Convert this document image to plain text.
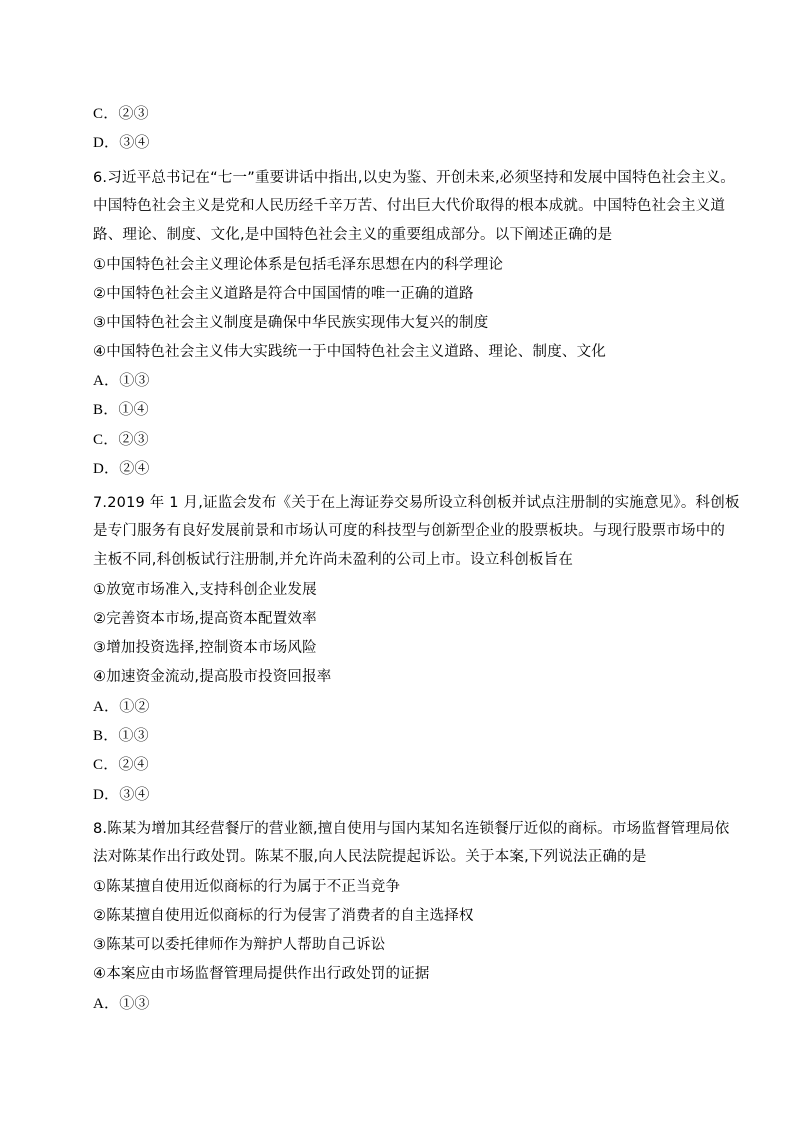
C．②③
D．③④
6.习近平总书记在“七一”重要讲话中指出,以史为鉴、开创未来,必须坚持和发展中国特色社会主义。
中国特色社会主义是党和人民历经千辛万苦、付出巨大代价取得的根本成就。中国特色社会主义道
路、理论、制度、文化,是中国特色社会主义的重要组成部分。以下阐述正确的是
①中国特色社会主义理论体系是包括毛泽东思想在内的科学理论
②中国特色社会主义道路是符合中国国情的唯一正确的道路
③中国特色社会主义制度是确保中华民族实现伟大复兴的制度
④中国特色社会主义伟大实践统一于中国特色社会主义道路、理论、制度、文化
A．①③
B．①④
C．②③
D．②④
7.2019 年 1 月,证监会发布《关于在上海证券交易所设立科创板并试点注册制的实施意见》。科创板
是专门服务有良好发展前景和市场认可度的科技型与创新型企业的股票板块。与现行股票市场中的
主板不同,科创板试行注册制,并允许尚未盈利的公司上市。设立科创板旨在
①放宽市场准入,支持科创企业发展
②完善资本市场,提高资本配置效率
③增加投资选择,控制资本市场风险
④加速资金流动,提高股市投资回报率
A．①②
B．①③
C．②④
D．③④
8.陈某为增加其经营餐厅的营业额,擅自使用与国内某知名连锁餐厅近似的商标。市场监督管理局依
法对陈某作出行政处罚。陈某不服,向人民法院提起诉讼。关于本案,下列说法正确的是
①陈某擅自使用近似商标的行为属于不正当竞争
②陈某擅自使用近似商标的行为侵害了消费者的自主选择权
③陈某可以委托律师作为辩护人帮助自己诉讼
④本案应由市场监督管理局提供作出行政处罚的证据
A．①③
